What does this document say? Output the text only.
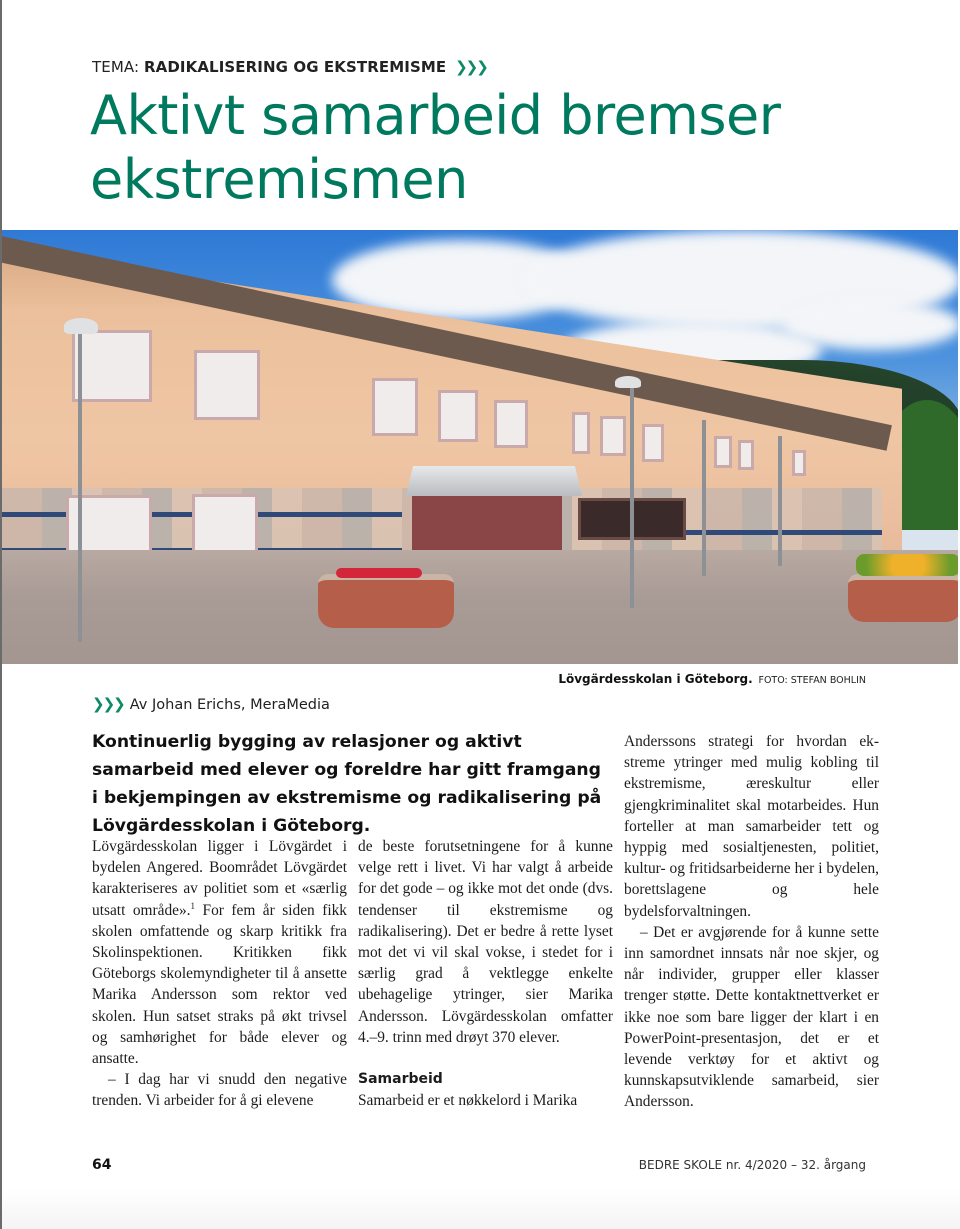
TEMA: RADIKALISERING OG EKSTREMISME ❯❯❯
Aktivt samarbeid bremser ekstremismen
Lövgärdesskolan i Göteborg. FOTO: STEFAN BOHLIN
❯❯❯ Av Johan Erichs, MeraMedia

Kontinuerlig bygging av relasjoner og aktivt samarbeid med elever og foreldre har gitt framgang i bekjempingen av ekstremisme og radikalisering på Lövgärdesskolan i Göteborg.

Lövgärdesskolan ligger i Lövgärdet i bydelen Angered. Boområdet Lövgärdet karakteriseres av politiet som et «særlig utsatt område».$^1$ For fem år siden fikk skolen omfattende og skarp kritikk fra Skolinspektionen. Kritikken fikk Göteborgs skolemyndigheter til å ansette Marika Andersson som rektor ved skolen. Hun satset straks på økt trivsel og samhørighet for både elever og ansatte.

– I dag har vi snudd den negative trenden. Vi arbeider for å gi elevene

de beste forutsetningene for å kunne velge rett i livet. Vi har valgt å arbeide for det gode – og ikke mot det onde (dvs. tendenser til ekstremisme og radikalisering). Det er bedre å rette lyset mot det vi vil skal vokse, i stedet for i særlig grad å vektlegge enkelte ubehagelige ytringer, sier Marika Andersson. Lövgärdesskolan omfatter 4.–9. trinn med drøyt 370 elever.

Samarbeid

Samarbeid er et nøkkelord i Marika

Anderssons strategi for hvordan ekstreme ytringer med mulig kobling til ekstremisme, æreskultur eller gjengkriminalitet skal motarbeides. Hun forteller at man samarbeider tett og hyppig med sosialtjenesten, politiet, kultur- og fritidsarbeiderne her i bydelen, borettslagene og hele bydelsforvaltningen.

– Det er avgjørende for å kunne sette inn samordnet innsats når noe skjer, og når individer, grupper eller klasser trenger støtte. Dette kontaktnettverket er ikke noe som bare ligger der klart i en PowerPoint-presentasjon, det er et levende verktøy for et aktivt og kunnskapsutviklende samarbeid, sier Andersson.

64	BEDRE SKOLE nr. 4/2020 – 32. årgang
